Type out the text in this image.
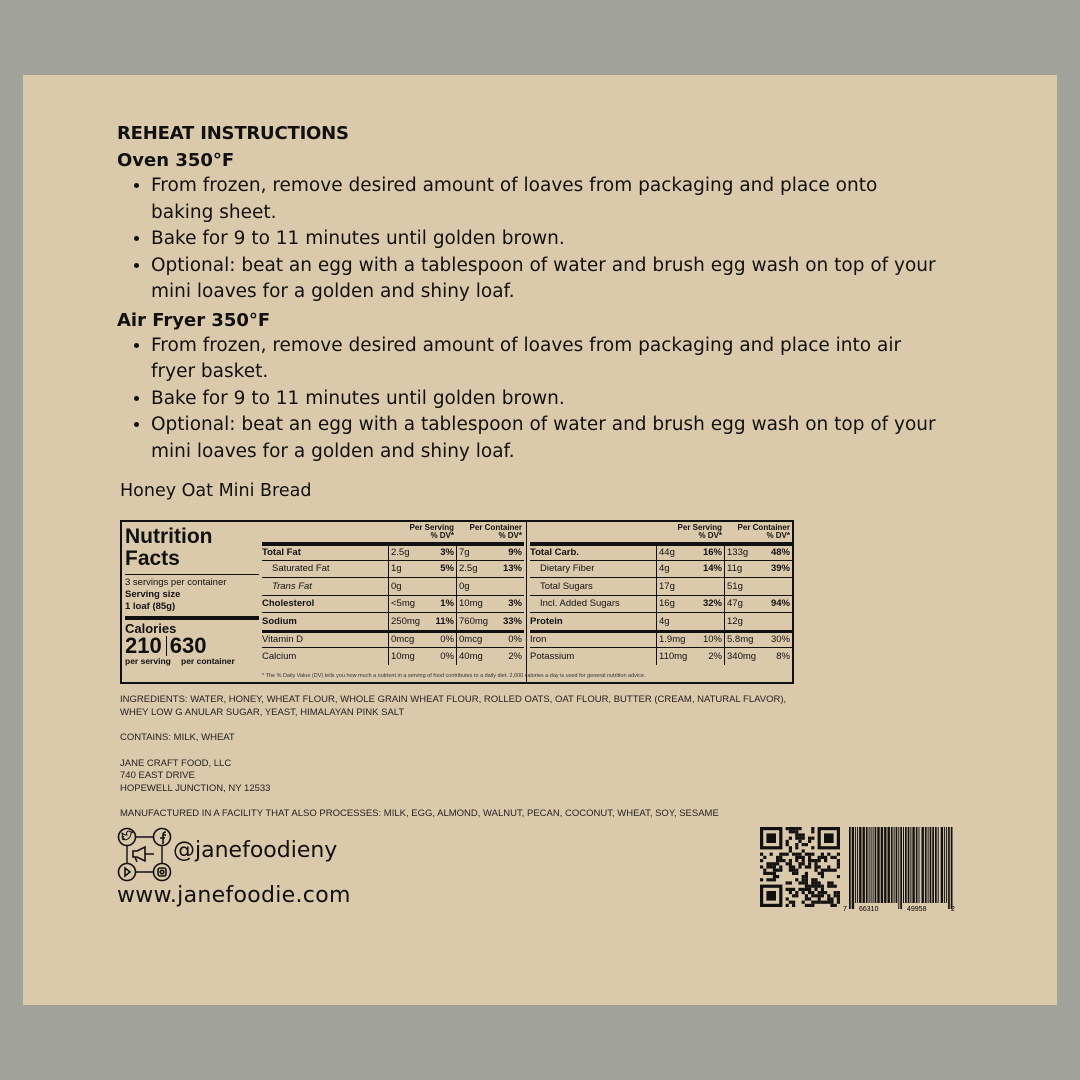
REHEAT INSTRUCTIONS
Oven 350°F
• From frozen, remove desired amount of loaves from packaging and place onto baking sheet.
• Bake for 9 to 11 minutes until golden brown.
• Optional: beat an egg with a tablespoon of water and brush egg wash on top of your mini loaves for a golden and shiny loaf.
Air Fryer 350°F
• From frozen, remove desired amount of loaves from packaging and place into air fryer basket.
• Bake for 9 to 11 minutes until golden brown.
• Optional: beat an egg with a tablespoon of water and brush egg wash on top of your mini loaves for a golden and shiny loaf.
Honey Oat Mini Bread
Nutrition
Facts
3 servings per container
Serving size
1 loaf (85g)
Calories
210 630
per serving	per container
Per Serving
% DV*
Per Container
% DV*
Total Fat	2.5g	3% 7g	9%
Saturated Fat	1g	5% 2.5g	13%
Trans Fat	0g	0g
Cholesterol	<5mg	1% 10mg	3%
Sodium	250mg	11% 760mg	33%
Vitamin D	0mcg	0% 0mcg	0%
Calcium	10mg	0% 40mg	2%
Per Serving
% DV*
Per Container
% DV*
Total Carb.	44g	16% 133g	48%
Dietary Fiber	4g	14% 11g	39%
Total Sugars	17g	51g
Incl. Added Sugars	16g	32% 47g	94%
Protein	4g	12g
Iron	1.9mg	10% 5.8mg	30%
Potassium	110mg	2% 340mg	8%
* The % Daily Value (DV) tells you how much a nutrient in a serving of food contributes to a daily diet. 2,000 calories a day is used for general nutrition advice.

INGREDIENTS: WATER, HONEY, WHEAT FLOUR, WHOLE GRAIN WHEAT FLOUR, ROLLED OATS, OAT FLOUR, BUTTER (CREAM, NATURAL FLAVOR), WHEY LOW G ANULAR SUGAR, YEAST, HIMALAYAN PINK SALT

CONTAINS: MILK, WHEAT

JANE CRAFT FOOD, LLC

740 EAST DRIVE

HOPEWELL JUNCTION, NY 12533

MANUFACTURED IN A FACILITY THAT ALSO PROCESSES: MILK, EGG, ALMOND, WALNUT, PECAN, COCONUT, WHEAT, SOY, SESAME

@janefoodieny
www.janefoodie.com
7 66310	49958	2
